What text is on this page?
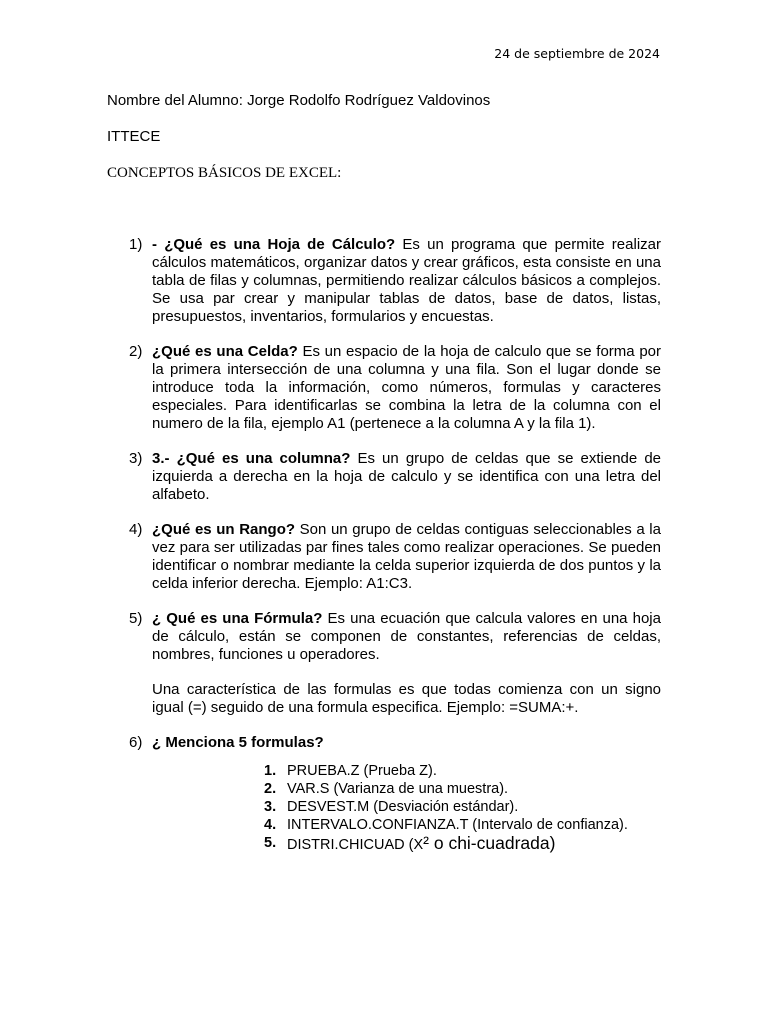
24 de septiembre de 2024
Nombre del Alumno: Jorge Rodolfo Rodríguez Valdovinos
ITTECE
CONCEPTOS BÁSICOS DE EXCEL:
1) - ¿Qué es una Hoja de Cálculo? Es un programa que permite realizar cálculos matemáticos, organizar datos y crear gráficos, esta consiste en una tabla de filas y columnas, permitiendo realizar cálculos básicos a complejos. Se usa par crear y manipular tablas de datos, base de datos, listas, presupuestos, inventarios, formularios y encuestas.

2) ¿Qué es una Celda? Es un espacio de la hoja de calculo que se forma por la primera intersección de una columna y una fila. Son el lugar donde se introduce toda la información, como números, formulas y caracteres especiales. Para identificarlas se combina la letra de la columna con el numero de la fila, ejemplo A1 (pertenece a la columna A y la fila 1).

3) 3.- ¿Qué es una columna? Es un grupo de celdas que se extiende de izquierda a derecha en la hoja de calculo y se identifica con una letra del alfabeto.

4) ¿Qué es un Rango? Son un grupo de celdas contiguas seleccionables a la vez para ser utilizadas par fines tales como realizar operaciones. Se pueden identificar o nombrar mediante la celda superior izquierda de dos puntos y la celda inferior derecha. Ejemplo: A1:C3.

5) ¿ Qué es una Fórmula? Es una ecuación que calcula valores en una hoja de cálculo, están se componen de constantes, referencias de celdas, nombres, funciones u operadores.

Una característica de las formulas es que todas comienza con un signo igual (=) seguido de una formula especifica. Ejemplo: =SUMA:+.

6) ¿ Menciona 5 formulas?

1. PRUEBA.Z (Prueba Z).
2. VAR.S (Varianza de una muestra).
3. DESVEST.M (Desviación estándar).
4. INTERVALO.CONFIANZA.T (Intervalo de confianza).
5. DISTRI.CHICUAD (X² o chi-cuadrada)
